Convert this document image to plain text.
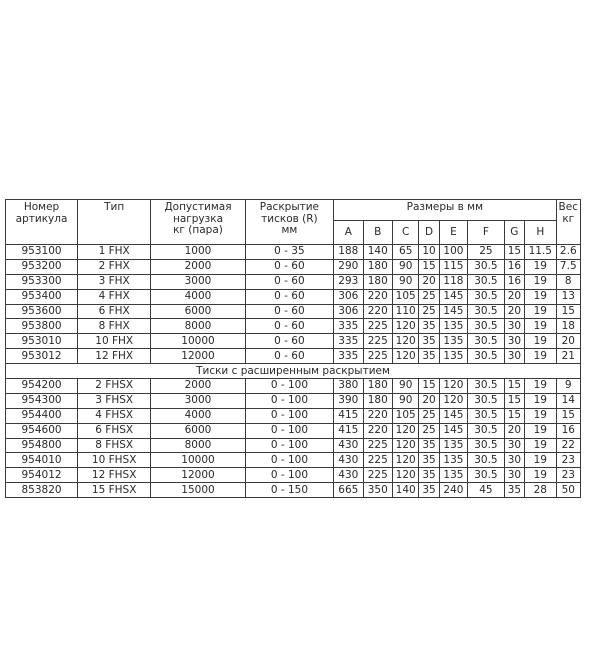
Номер
артикула	Тип	Допустимая
нагрузка
кг (пара)	Раскрытие
тисков (R)
мм	Размеры в мм								Вес
кг

				A	B	C	D	E	F	G	H	
953100	1 FHX	1000	0 - 35	188	140	65	10	100	25	15	11.5	2.6
953200	2 FHX	2000	0 - 60	290	180	90	15	115	30.5	16	19	7.5
953300	3 FHX	3000	0 - 60	293	180	90	20	118	30.5	16	19	8
953400	4 FHX	4000	0 - 60	306	220	105	25	145	30.5	20	19	13
953600	6 FHX	6000	0 - 60	306	220	110	25	145	30.5	20	19	15
953800	8 FHX	8000	0 - 60	335	225	120	35	135	30.5	30	19	18
953010	10 FHX	10000	0 - 60	335	225	120	35	135	30.5	30	19	20
953012	12 FHX	12000	0 - 60	335	225	120	35	135	30.5	30	19	21
Тиски с расширенным раскрытием												
954200	2 FHSX	2000	0 - 100	380	180	90	15	120	30.5	15	19	9
954300	3 FHSX	3000	0 - 100	390	180	90	20	120	30.5	15	19	14
954400	4 FHSX	4000	0 - 100	415	220	105	25	145	30.5	15	19	15
954600	6 FHSX	6000	0 - 100	415	220	120	25	145	30.5	20	19	16
954800	8 FHSX	8000	0 - 100	430	225	120	35	135	30.5	30	19	22
954010	10 FHSX	10000	0 - 100	430	225	120	35	135	30.5	30	19	23
954012	12 FHSX	12000	0 - 100	430	225	120	35	135	30.5	30	19	23
853820	15 FHSX	15000	0 - 150	665	350	140	35	240	45	35	28	50
